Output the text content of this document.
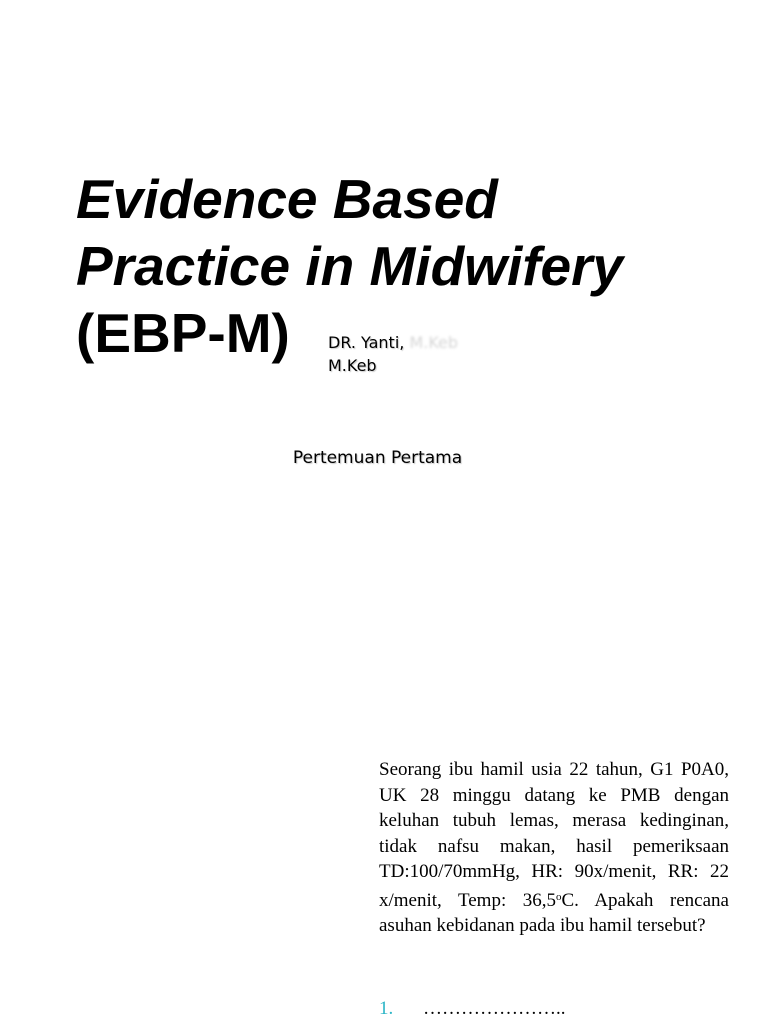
Evidence Based
Practice in Midwifery
(EBP-M)	DR. Yanti, M.Keb
M.Keb
Pertemuan Pertama

Seorang ibu hamil usia 22 tahun, G1 P0A0, UK 28 minggu datang ke PMB dengan keluhan tubuh lemas, merasa kedinginan, tidak nafsu makan, hasil pemeriksaan TD:100/70mmHg, HR: 90x/menit, RR: 22 x/menit, Temp: 36,5$^o$C. Apakah rencana asuhan kebidanan pada ibu hamil tersebut?

1. …………………..
